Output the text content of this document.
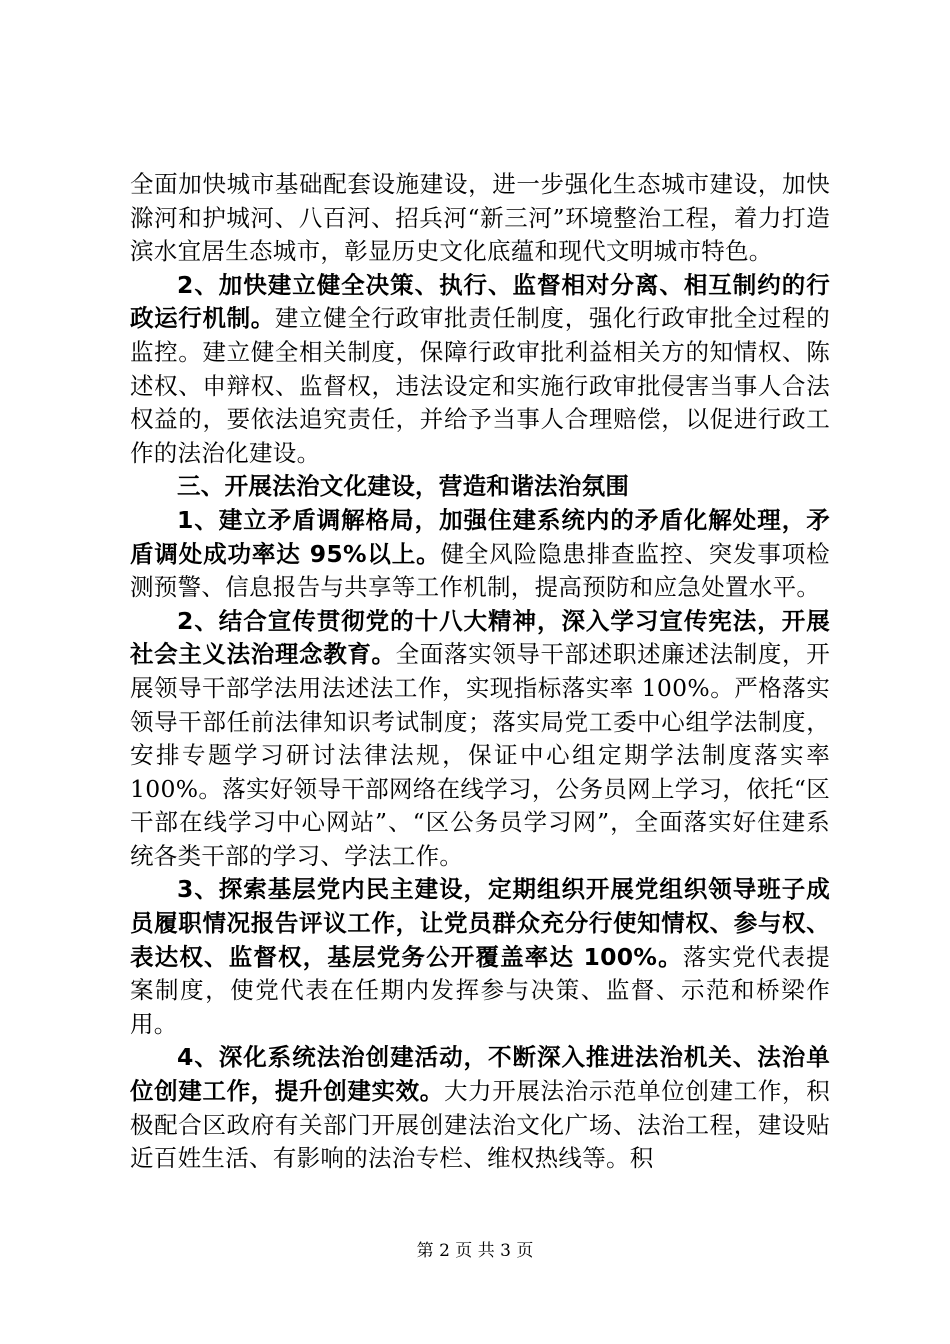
全面加快城市基础配套设施建设，进一步强化生态城市建设，加快滁河和护城河、八百河、招兵河“新三河”环境整治工程，着力打造滨水宜居生态城市，彰显历史文化底蕴和现代文明城市特色。

2、加快建立健全决策、执行、监督相对分离、相互制约的行政运行机制。建立健全行政审批责任制度，强化行政审批全过程的监控。建立健全相关制度，保障行政审批利益相关方的知情权、陈述权、申辩权、监督权，违法设定和实施行政审批侵害当事人合法权益的，要依法追究责任，并给予当事人合理赔偿，以促进行政工作的法治化建设。

三、开展法治文化建设，营造和谐法治氛围

1、建立矛盾调解格局，加强住建系统内的矛盾化解处理，矛盾调处成功率达 95%以上。健全风险隐患排查监控、突发事项检测预警、信息报告与共享等工作机制，提高预防和应急处置水平。

2、结合宣传贯彻党的十八大精神，深入学习宣传宪法，开展社会主义法治理念教育。全面落实领导干部述职述廉述法制度，开展领导干部学法用法述法工作，实现指标落实率 100%。严格落实领导干部任前法律知识考试制度；落实局党工委中心组学法制度，安排专题学习研讨法律法规，保证中心组定期学法制度落实率 100%。落实好领导干部网络在线学习，公务员网上学习，依托“区干部在线学习中心网站”、“区公务员学习网”，全面落实好住建系统各类干部的学习、学法工作。

3、探索基层党内民主建设，定期组织开展党组织领导班子成员履职情况报告评议工作，让党员群众充分行使知情权、参与权、表达权、监督权，基层党务公开覆盖率达 100%。落实党代表提案制度，使党代表在任期内发挥参与决策、监督、示范和桥梁作用。

4、深化系统法治创建活动，不断深入推进法治机关、法治单位创建工作，提升创建实效。大力开展法治示范单位创建工作，积极配合区政府有关部门开展创建法治文化广场、法治工程，建设贴近百姓生活、有影响的法治专栏、维权热线等。积

第 2 页 共 3 页
